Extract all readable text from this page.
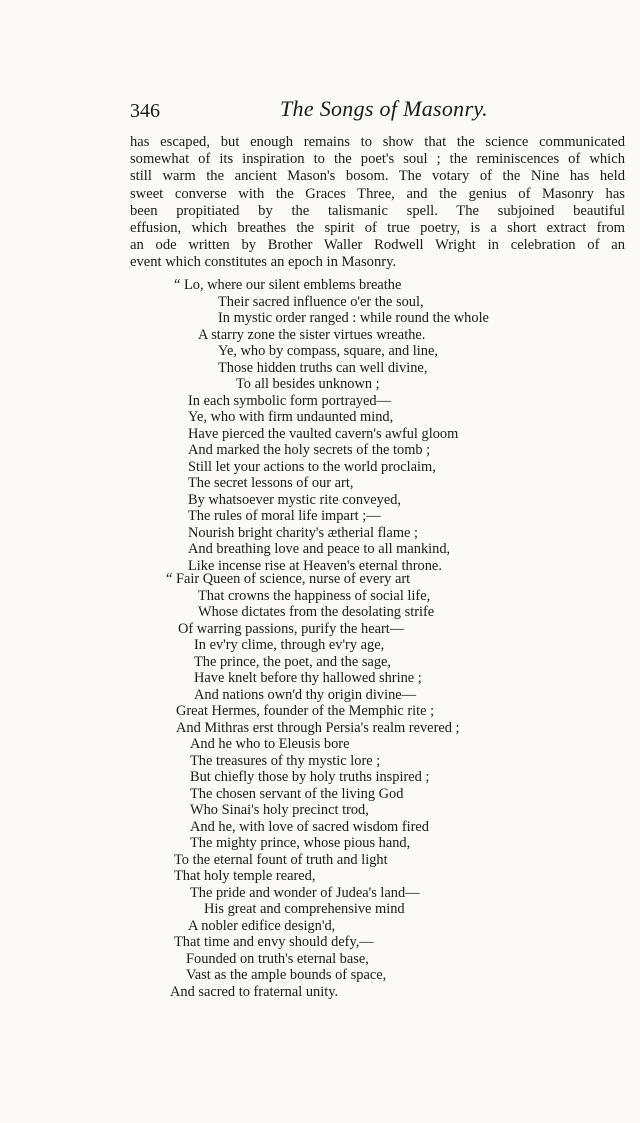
346	The Songs of Masonry.
has escaped, but enough remains to show that the science communicated
somewhat of its inspiration to the poet's soul ; the reminiscences of which
still warm the ancient Mason's bosom. The votary of the Nine has held
sweet converse with the Graces Three, and the genius of Masonry has
been propitiated by the talismanic spell. The subjoined beautiful
effusion, which breathes the spirit of true poetry, is a short extract from
an ode written by Brother Waller Rodwell Wright in celebration of an
event which constitutes an epoch in Masonry.
“ Lo, where our silent emblems breathe
Their sacred influence o'er the soul,
In mystic order ranged : while round the whole
A starry zone the sister virtues wreathe.
Ye, who by compass, square, and line,
Those hidden truths can well divine,
To all besides unknown ;
In each symbolic form portrayed—
Ye, who with firm undaunted mind,
Have pierced the vaulted cavern's awful gloom
And marked the holy secrets of the tomb ;
Still let your actions to the world proclaim,
The secret lessons of our art,
By whatsoever mystic rite conveyed,
The rules of moral life impart ;—
Nourish bright charity's ætherial flame ;
And breathing love and peace to all mankind,
Like incense rise at Heaven's eternal throne.
“ Fair Queen of science, nurse of every art
That crowns the happiness of social life,
Whose dictates from the desolating strife
Of warring passions, purify the heart—
In ev'ry clime, through ev'ry age,
The prince, the poet, and the sage,
Have knelt before thy hallowed shrine ;
And nations own'd thy origin divine—
Great Hermes, founder of the Memphic rite ;
And Mithras erst through Persia's realm revered ;
And he who to Eleusis bore
The treasures of thy mystic lore ;
But chiefly those by holy truths inspired ;
The chosen servant of the living God
Who Sinai's holy precinct trod,
And he, with love of sacred wisdom fired
The mighty prince, whose pious hand,
To the eternal fount of truth and light
That holy temple reared,
The pride and wonder of Judea's land—
His great and comprehensive mind
A nobler edifice design'd,
That time and envy should defy,—
Founded on truth's eternal base,
Vast as the ample bounds of space,
And sacred to fraternal unity.
